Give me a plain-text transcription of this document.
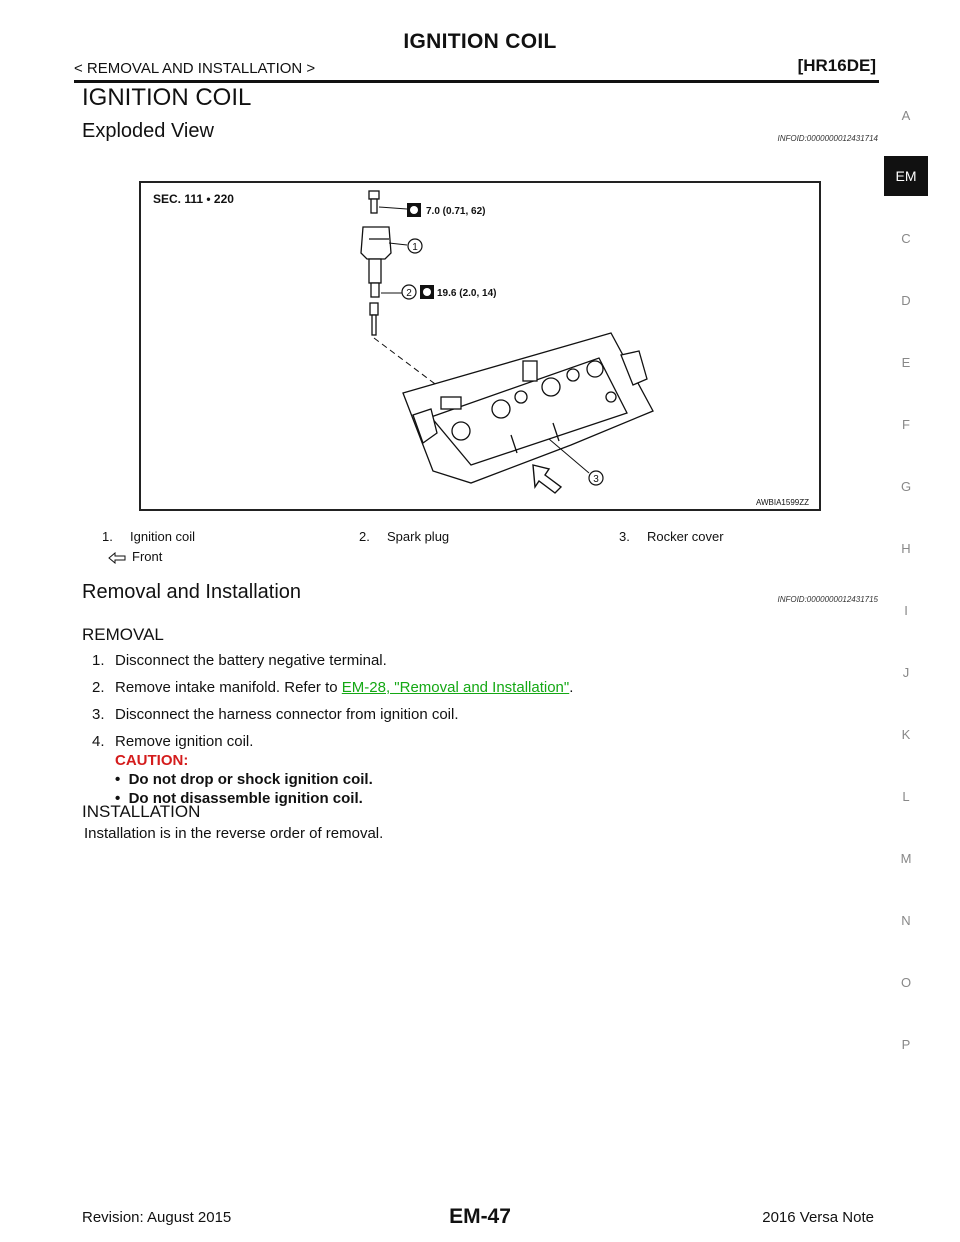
IGNITION COIL
< REMOVAL AND INSTALLATION >	[HR16DE]
IGNITION COIL
Exploded View	INFOID:0000000012431714
SEC. 111 • 220
7.0 (0.71, 62)
1
2	19.6 (2.0, 14)
3
AWBIA1599ZZ
1. Ignition coil	2. Spark plug	3. Rocker cover
Front
Removal and Installation	INFOID:0000000012431715
REMOVAL
1. Disconnect the battery negative terminal.
2. Remove intake manifold. Refer to EM-28, "Removal and Installation".
3. Disconnect the harness connector from ignition coil.
4. Remove ignition coil.
CAUTION:
•  Do not drop or shock ignition coil.
•  Do not disassemble ignition coil.
INSTALLATION
Installation is in the reverse order of removal.
A
EM
C
D
E
F
G
H
I
J
K
L
M
N
O
P
Revision: August 2015	EM-47	2016 Versa Note
